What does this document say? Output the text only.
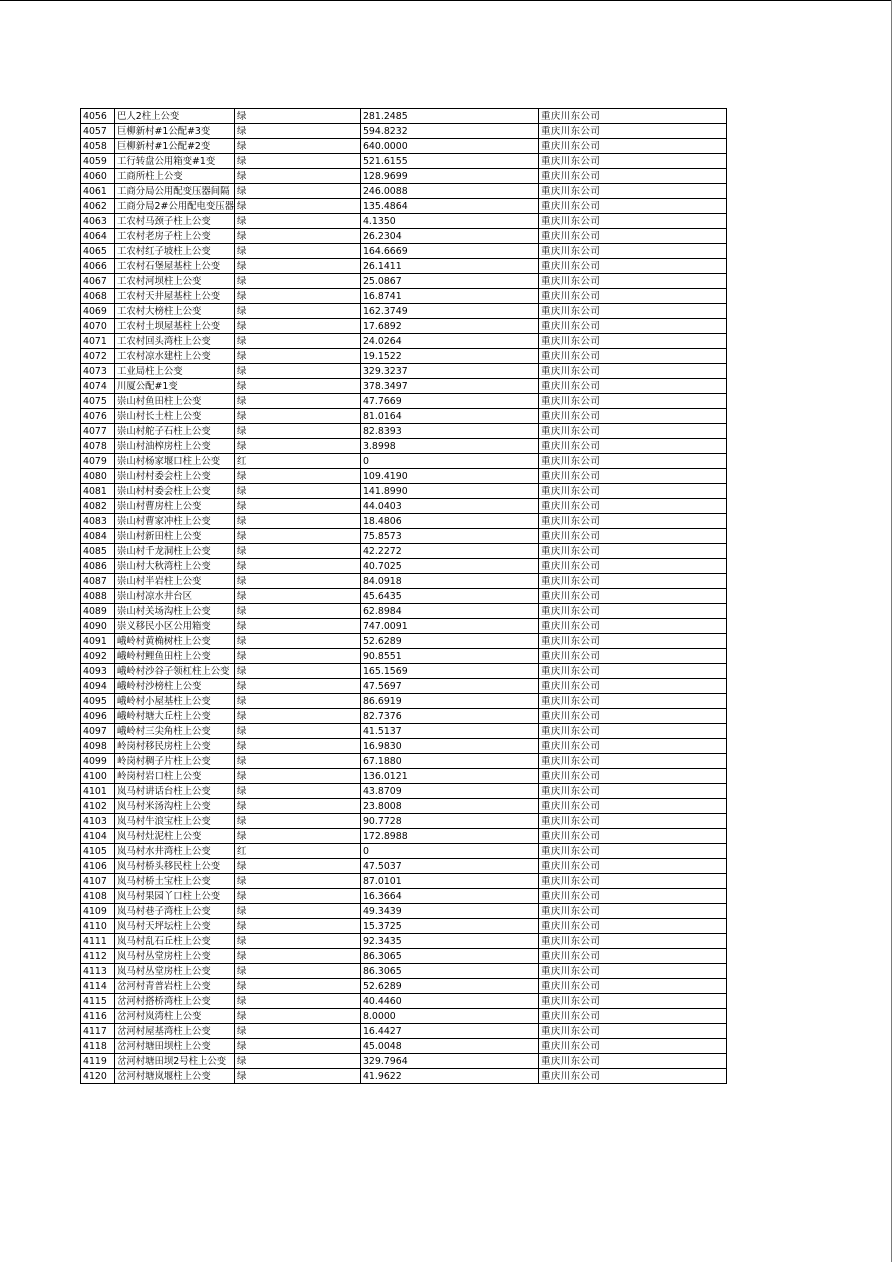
4056	巴人2柱上公变	绿	281.2485	重庆川东公司
4057	巨柳新村#1公配#3变	绿	594.8232	重庆川东公司
4058	巨柳新村#1公配#2变	绿	640.0000	重庆川东公司
4059	工行转盘公用箱变#1变	绿	521.6155	重庆川东公司
4060	工商所柱上公变	绿	128.9699	重庆川东公司
4061	工商分局公用配变压器间隔	绿	246.0088	重庆川东公司
4062	工商分局2#公用配电变压器	绿	135.4864	重庆川东公司
4063	工农村马颈子柱上公变	绿	4.1350	重庆川东公司
4064	工农村老房子柱上公变	绿	26.2304	重庆川东公司
4065	工农村红子坡柱上公变	绿	164.6669	重庆川东公司
4066	工农村石堡屋基柱上公变	绿	26.1411	重庆川东公司
4067	工农村河坝柱上公变	绿	25.0867	重庆川东公司
4068	工农村天井屋基柱上公变	绿	16.8741	重庆川东公司
4069	工农村大榜柱上公变	绿	162.3749	重庆川东公司
4070	工农村土坝屋基柱上公变	绿	17.6892	重庆川东公司
4071	工农村回头湾柱上公变	绿	24.0264	重庆川东公司
4072	工农村凉水建柱上公变	绿	19.1522	重庆川东公司
4073	工业局柱上公变	绿	329.3237	重庆川东公司
4074	川厦公配#1变	绿	378.3497	重庆川东公司
4075	崇山村鱼田柱上公变	绿	47.7669	重庆川东公司
4076	崇山村长土柱上公变	绿	81.0164	重庆川东公司
4077	崇山村舵子石柱上公变	绿	82.8393	重庆川东公司
4078	崇山村油榨房柱上公变	绿	3.8998	重庆川东公司
4079	崇山村杨家堰口柱上公变	红	0	重庆川东公司
4080	崇山村村委会柱上公变	绿	109.4190	重庆川东公司
4081	崇山村村委会柱上公变	绿	141.8990	重庆川东公司
4082	崇山村曹房柱上公变	绿	44.0403	重庆川东公司
4083	崇山村曹家冲柱上公变	绿	18.4806	重庆川东公司
4084	崇山村新田柱上公变	绿	75.8573	重庆川东公司
4085	崇山村千龙洞柱上公变	绿	42.2272	重庆川东公司
4086	崇山村大秋湾柱上公变	绿	40.7025	重庆川东公司
4087	崇山村半岩柱上公变	绿	84.0918	重庆川东公司
4088	崇山村凉水井台区	绿	45.6435	重庆川东公司
4089	崇山村关场沟柱上公变	绿	62.8984	重庆川东公司
4090	崇义移民小区公用箱变	绿	747.0091	重庆川东公司
4091	峨岭村黄桷树柱上公变	绿	52.6289	重庆川东公司
4092	峨岭村鲤鱼田柱上公变	绿	90.8551	重庆川东公司
4093	峨岭村沙谷子领杠柱上公变	绿	165.1569	重庆川东公司
4094	峨岭村沙榜柱上公变	绿	47.5697	重庆川东公司
4095	峨岭村小屋基柱上公变	绿	86.6919	重庆川东公司
4096	峨岭村塘大丘柱上公变	绿	82.7376	重庆川东公司
4097	峨岭村三尖角柱上公变	绿	41.5137	重庆川东公司
4098	岭岗村移民房柱上公变	绿	16.9830	重庆川东公司
4099	岭岗村稠子片柱上公变	绿	67.1880	重庆川东公司
4100	岭岗村岩口柱上公变	绿	136.0121	重庆川东公司
4101	岚马村讲话台柱上公变	绿	43.8709	重庆川东公司
4102	岚马村米汤沟柱上公变	绿	23.8008	重庆川东公司
4103	岚马村牛浪宝柱上公变	绿	90.7728	重庆川东公司
4104	岚马村灶泥柱上公变	绿	172.8988	重庆川东公司
4105	岚马村水井湾柱上公变	红	0	重庆川东公司
4106	岚马村桥头移民柱上公变	绿	47.5037	重庆川东公司
4107	岚马村桥土宝柱上公变	绿	87.0101	重庆川东公司
4108	岚马村果园丫口柱上公变	绿	16.3664	重庆川东公司
4109	岚马村巷子湾柱上公变	绿	49.3439	重庆川东公司
4110	岚马村天坪坛柱上公变	绿	15.3725	重庆川东公司
4111	岚马村乱石丘柱上公变	绿	92.3435	重庆川东公司
4112	岚马村丛堂房柱上公变	绿	86.3065	重庆川东公司
4113	岚马村丛堂房柱上公变	绿	86.3065	重庆川东公司
4114	岔河村青普岩柱上公变	绿	52.6289	重庆川东公司
4115	岔河村搭桥湾柱上公变	绿	40.4460	重庆川东公司
4116	岔河村岚湾柱上公变	绿	8.0000	重庆川东公司
4117	岔河村屋基湾柱上公变	绿	16.4427	重庆川东公司
4118	岔河村塘田坝柱上公变	绿	45.0048	重庆川东公司
4119	岔河村塘田坝2号柱上公变	绿	329.7964	重庆川东公司
4120	岔河村塘岚堰柱上公变	绿	41.9622	重庆川东公司
